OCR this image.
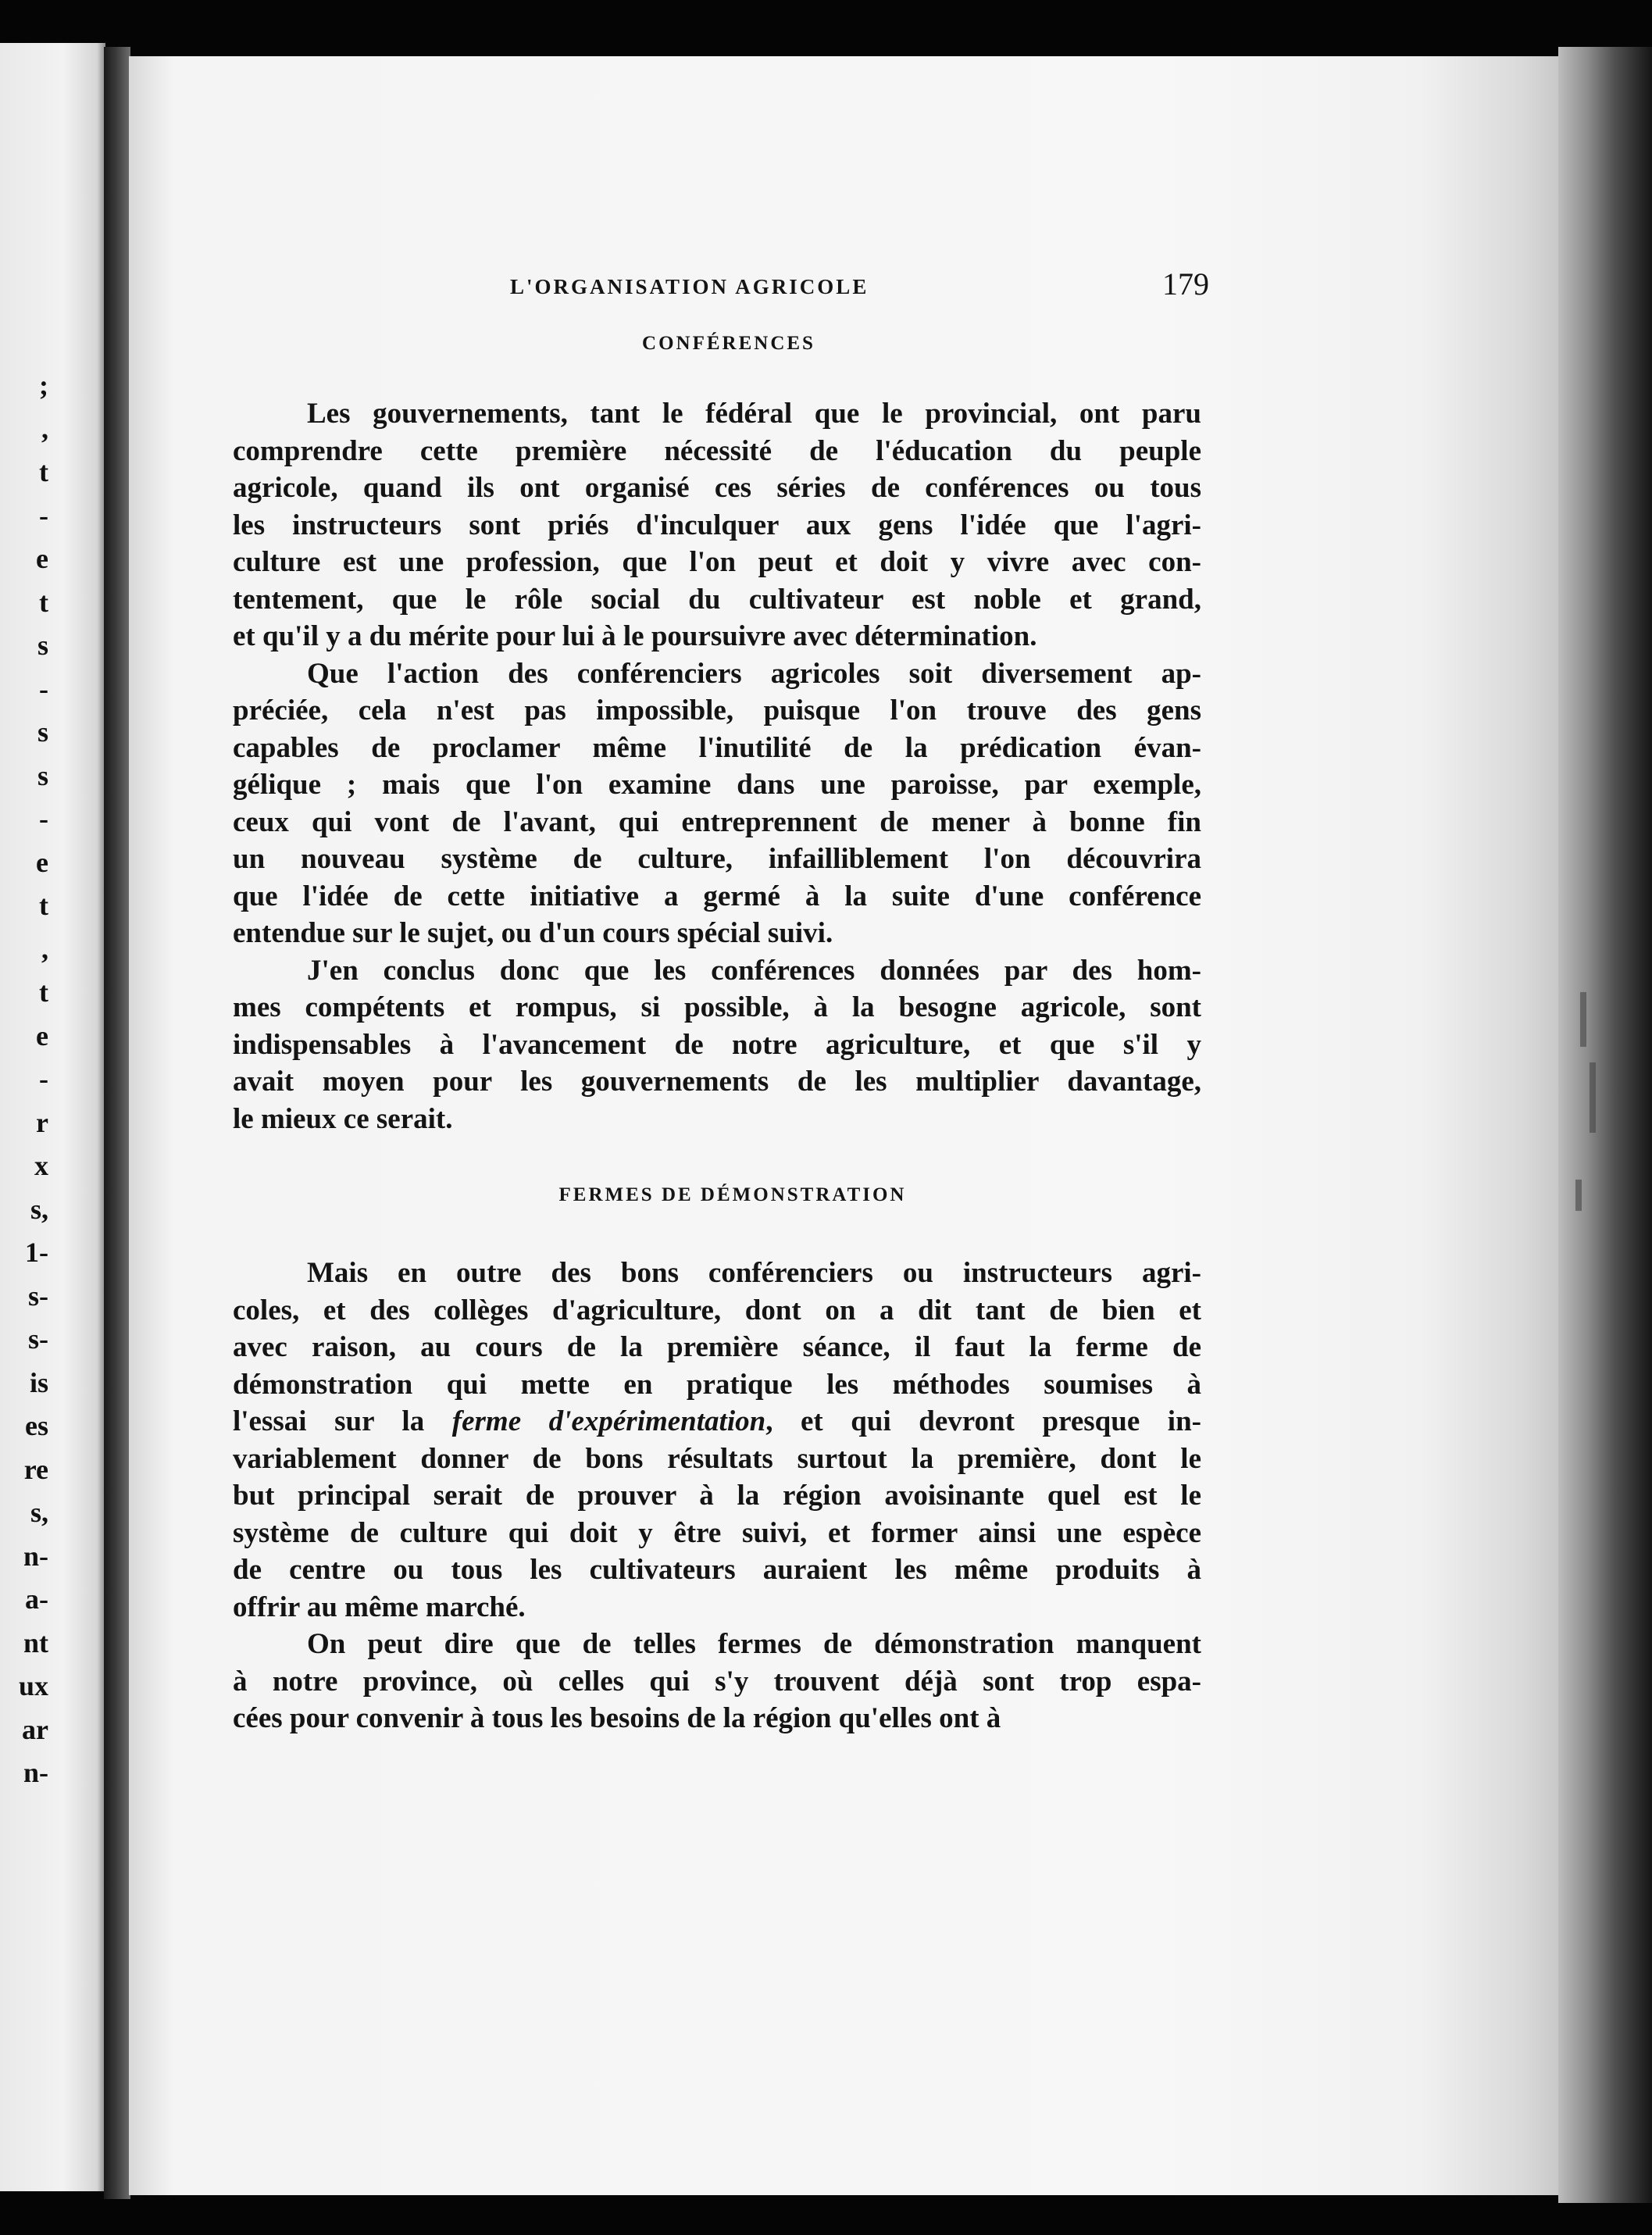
;
,
t
-
e
t
s
-
s
s
-
e
t
,
t
e
-
r
x
s,
1-
s-
s-
is
es
re
s,
n-
a-
nt
ux
ar
n-
L'ORGANISATION AGRICOLE	179
CONFÉRENCES
Les gouvernements, tant le fédéral que le provincial, ont paru
comprendre cette première nécessité de l'éducation du peuple
agricole, quand ils ont organisé ces séries de conférences ou tous
les instructeurs sont priés d'inculquer aux gens l'idée que l'agri-
culture est une profession, que l'on peut et doit y vivre avec con-
tentement, que le rôle social du cultivateur est noble et grand,
et qu'il y a du mérite pour lui à le poursuivre avec détermination.
Que l'action des conférenciers agricoles soit diversement ap-
préciée, cela n'est pas impossible, puisque l'on trouve des gens
capables de proclamer même l'inutilité de la prédication évan-
gélique ; mais que l'on examine dans une paroisse, par exemple,
ceux qui vont de l'avant, qui entreprennent de mener à bonne fin
un nouveau système de culture, infailliblement l'on découvrira
que l'idée de cette initiative a germé à la suite d'une conférence
entendue sur le sujet, ou d'un cours spécial suivi.
J'en conclus donc que les conférences données par des hom-
mes compétents et rompus, si possible, à la besogne agricole, sont
indispensables à l'avancement de notre agriculture, et que s'il y
avait moyen pour les gouvernements de les multiplier davantage,
le mieux ce serait.
FERMES DE DÉMONSTRATION
Mais en outre des bons conférenciers ou instructeurs agri-
coles, et des collèges d'agriculture, dont on a dit tant de bien et
avec raison, au cours de la première séance, il faut la ferme de
démonstration qui mette en pratique les méthodes soumises à
l'essai sur la ferme d'expérimentation, et qui devront presque in-
variablement donner de bons résultats surtout la première, dont le
but principal serait de prouver à la région avoisinante quel est le
système de culture qui doit y être suivi, et former ainsi une espèce
de centre ou tous les cultivateurs auraient les même produits à
offrir au même marché.
On peut dire que de telles fermes de démonstration manquent
à notre province, où celles qui s'y trouvent déjà sont trop espa-
cées pour convenir à tous les besoins de la région qu'elles ont à
